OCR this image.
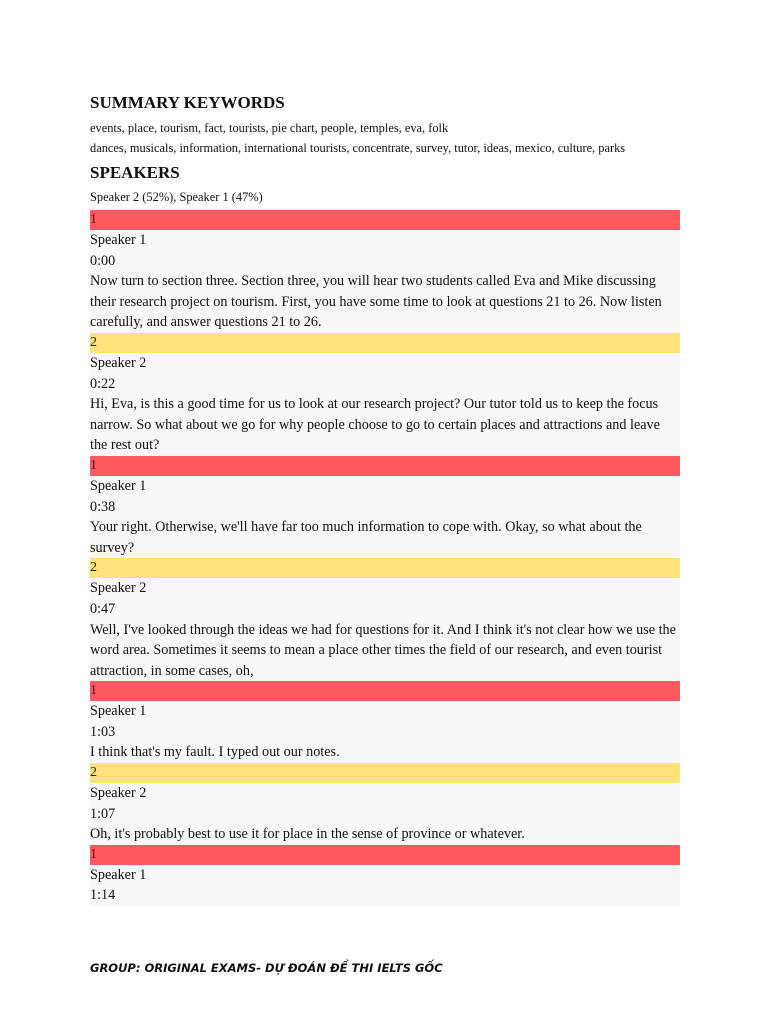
SUMMARY KEYWORDS
events, place, tourism, fact, tourists, pie chart, people, temples, eva, folk
dances, musicals, information, international tourists, concentrate, survey, tutor, ideas, mexico, culture, parks
SPEAKERS
Speaker 2 (52%), Speaker 1 (47%)
1
Speaker 1
0:00
Now turn to section three. Section three, you will hear two students called Eva and Mike discussing their research project on tourism. First, you have some time to look at questions 21 to 26. Now listen carefully, and answer questions 21 to 26.
2
Speaker 2
0:22
Hi, Eva, is this a good time for us to look at our research project? Our tutor told us to keep the focus narrow. So what about we go for why people choose to go to certain places and attractions and leave the rest out?
1
Speaker 1
0:38
Your right. Otherwise, we'll have far too much information to cope with. Okay, so what about the survey?
2
Speaker 2
0:47
Well, I've looked through the ideas we had for questions for it. And I think it's not clear how we use the word area. Sometimes it seems to mean a place other times the field of our research, and even tourist attraction, in some cases, oh,
1
Speaker 1
1:03
I think that's my fault. I typed out our notes.
2
Speaker 2
1:07
Oh, it's probably best to use it for place in the sense of province or whatever.
1
Speaker 1
1:14
GROUP: ORIGINAL EXAMS- DỰ ĐOÁN ĐỀ THI IELTS GỐC
